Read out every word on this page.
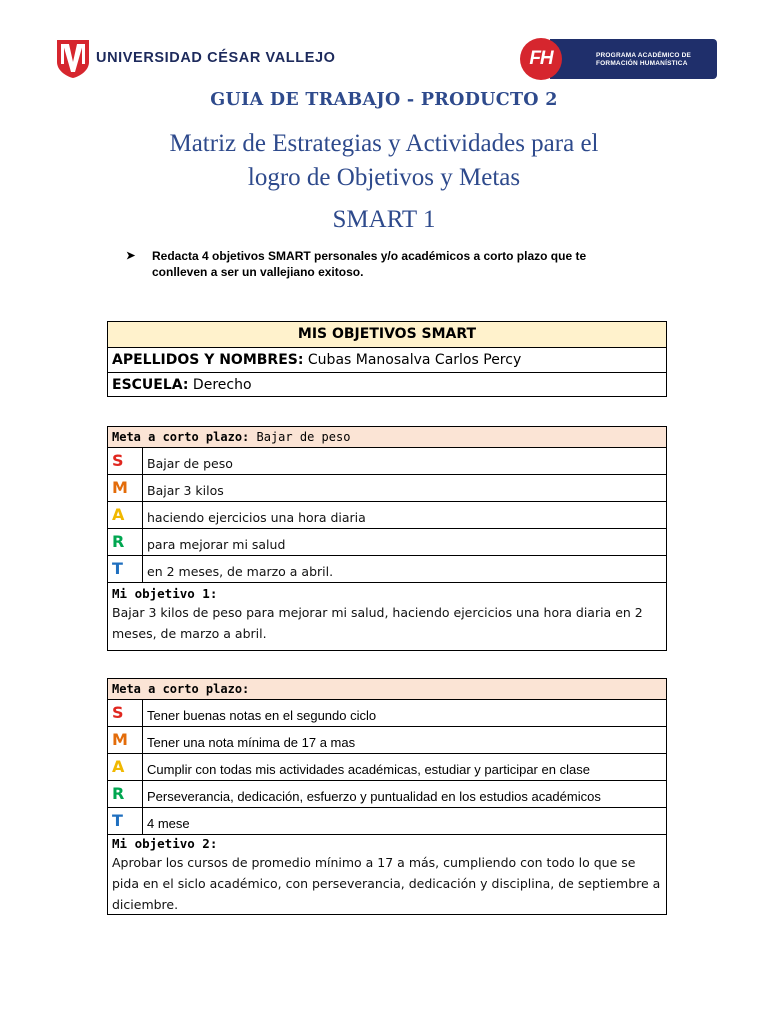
UNIVERSIDAD CÉSAR VALLEJO	FH	PROGRAMA ACADÉMICO DE
FORMACIÓN HUMANÍSTICA
GUIA DE TRABAJO - PRODUCTO 2
Matriz de Estrategias y Actividades para el
logro de Objetivos y Metas
SMART 1
➤ Redacta 4 objetivos SMART personales y/o académicos a corto plazo que te conlleven a ser un vallejiano exitoso.
MIS OBJETIVOS SMART
APELLIDOS Y NOMBRES: Cubas Manosalva Carlos Percy
ESCUELA: Derecho
Meta a corto plazo: Bajar de peso
S	Bajar de peso
M	Bajar 3 kilos
A	haciendo ejercicios una hora diaria
R	para mejorar mi salud
T	en 2 meses, de marzo a abril.
Mi objetivo 1:
Bajar 3 kilos de peso para mejorar mi salud, haciendo ejercicios una hora diaria en 2 meses, de marzo a abril.
Meta a corto plazo:
S	Tener buenas notas en el segundo ciclo
M	Tener una nota mínima de 17 a mas
A	Cumplir con todas mis actividades académicas, estudiar y participar en clase
R	Perseverancia, dedicación, esfuerzo y puntualidad en los estudios académicos
T	4 mese
Mi objetivo 2:
Aprobar los cursos de promedio mínimo a 17 a más, cumpliendo con todo lo que se pida en el siclo académico, con perseverancia, dedicación y disciplina, de septiembre a diciembre.
